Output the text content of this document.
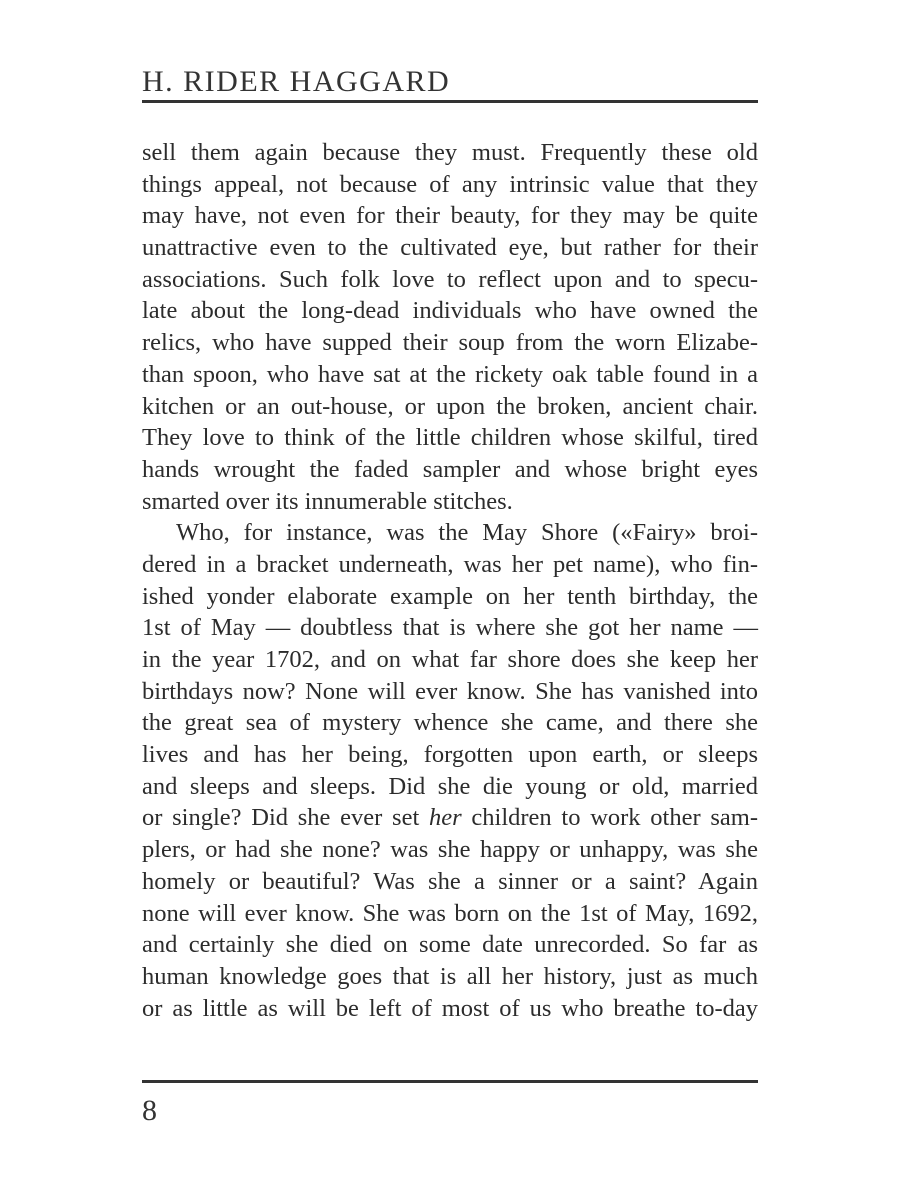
H. RIDER HAGGARD
sell them again because they must. Frequently these old
things appeal, not because of any intrinsic value that they
may have, not even for their beauty, for they may be quite
unattractive even to the cultivated eye, but rather for their
associations. Such folk love to reflect upon and to specu-
late about the long-dead individuals who have owned the
relics, who have supped their soup from the worn Elizabe-
than spoon, who have sat at the rickety oak table found in a
kitchen or an out-house, or upon the broken, ancient chair.
They love to think of the little children whose skilful, tired
hands wrought the faded sampler and whose bright eyes
smarted over its innumerable stitches.
Who, for instance, was the May Shore («Fairy» broi-
dered in a bracket underneath, was her pet name), who fin-
ished yonder elaborate example on her tenth birthday, the
1st of May — doubtless that is where she got her name —
in the year 1702, and on what far shore does she keep her
birthdays now? None will ever know. She has vanished into
the great sea of mystery whence she came, and there she
lives and has her being, forgotten upon earth, or sleeps
and sleeps and sleeps. Did she die young or old, married
or single? Did she ever set her children to work other sam-
plers, or had she none? was she happy or unhappy, was she
homely or beautiful? Was she a sinner or a saint? Again
none will ever know. She was born on the 1st of May, 1692,
and certainly she died on some date unrecorded. So far as
human knowledge goes that is all her history, just as much
or as little as will be left of most of us who breathe to-day
8
